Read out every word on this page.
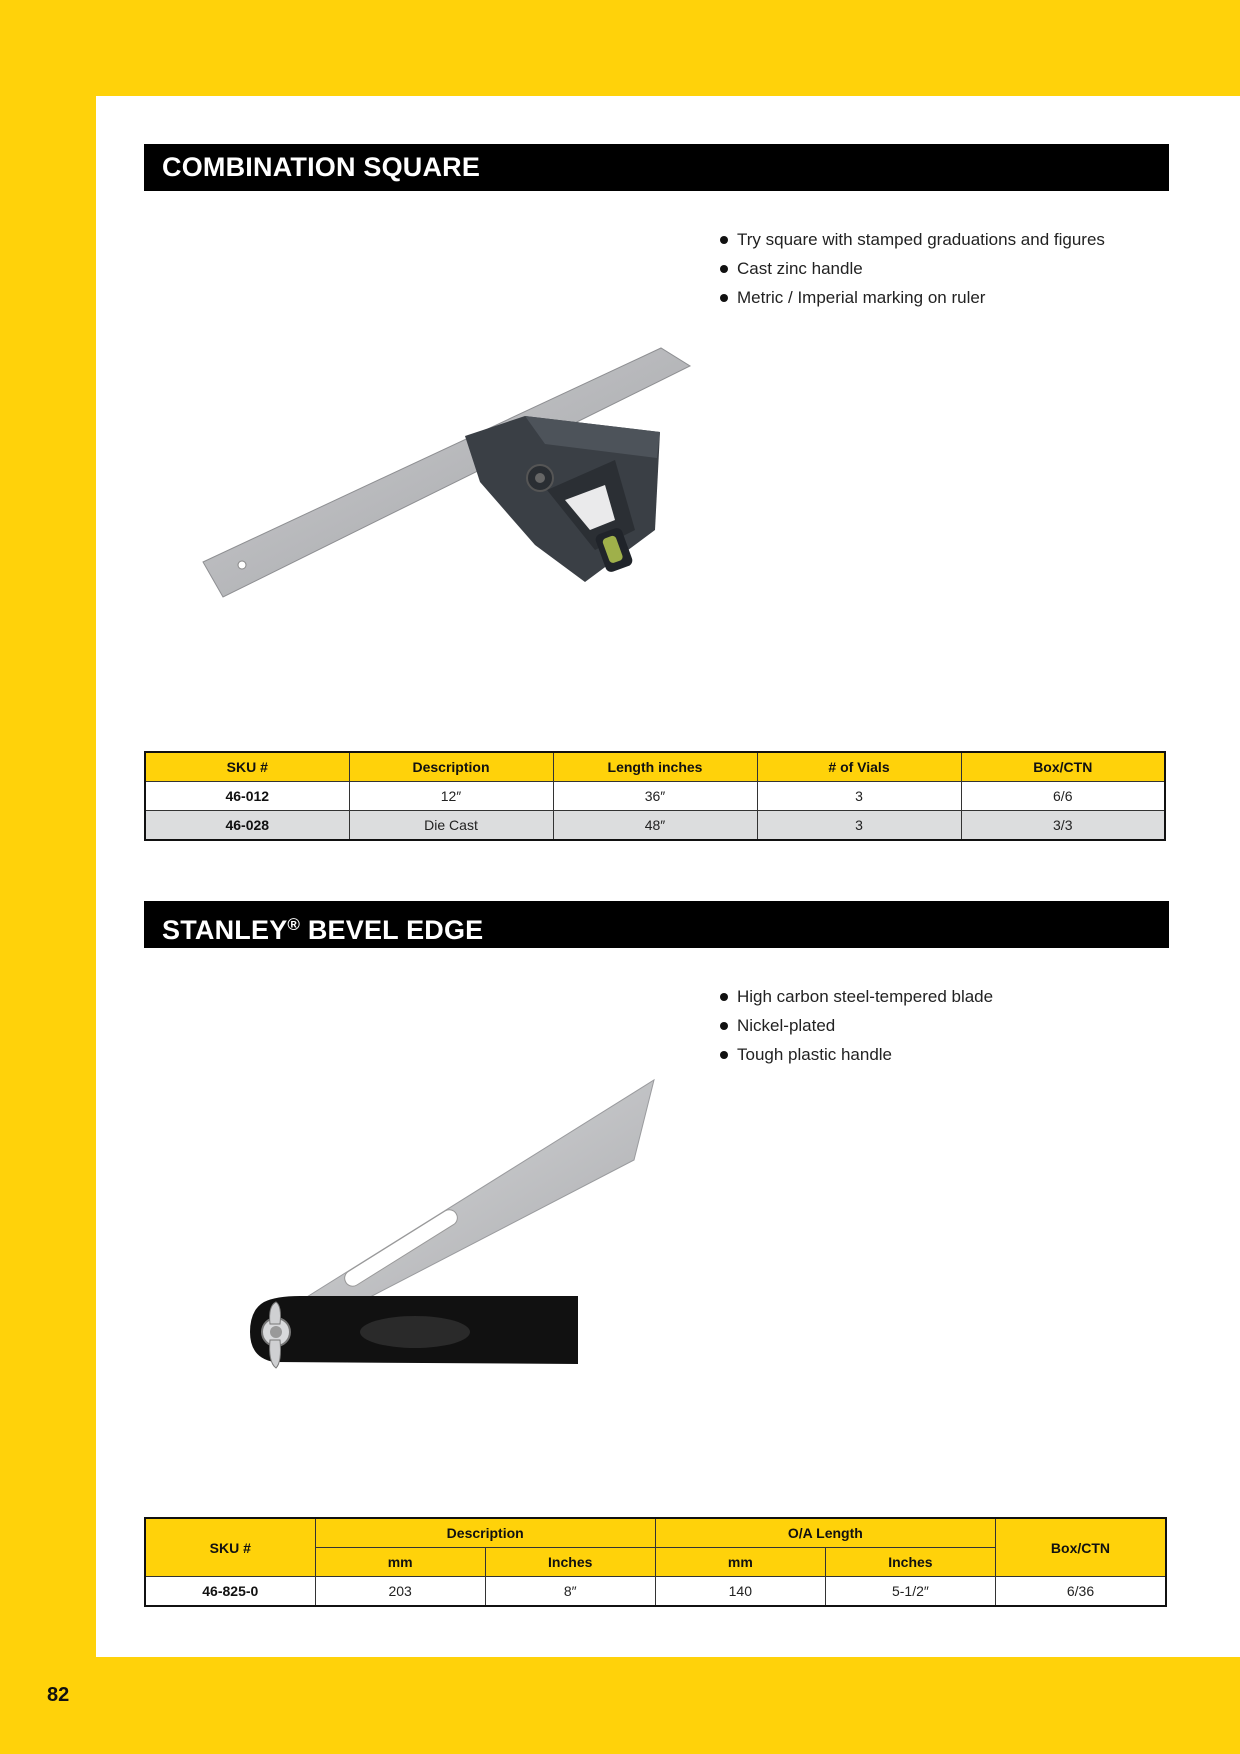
COMBINATION SQUARE
Try square with stamped graduations and figures
Cast zinc handle
Metric / Imperial marking on ruler
SKU #	Description	Length inches	# of Vials	Box/CTN
46-012	12″	36″	3	6/6
46-028	Die Cast	48″	3	3/3
STANLEY® BEVEL EDGE
High carbon steel-tempered blade
Nickel-plated
Tough plastic handle
SKU #	Description		O/A Length		Box/CTN
	mm	Inches	mm	Inches	
46-825-0	203	8″	140	5-1/2″	6/36
82
